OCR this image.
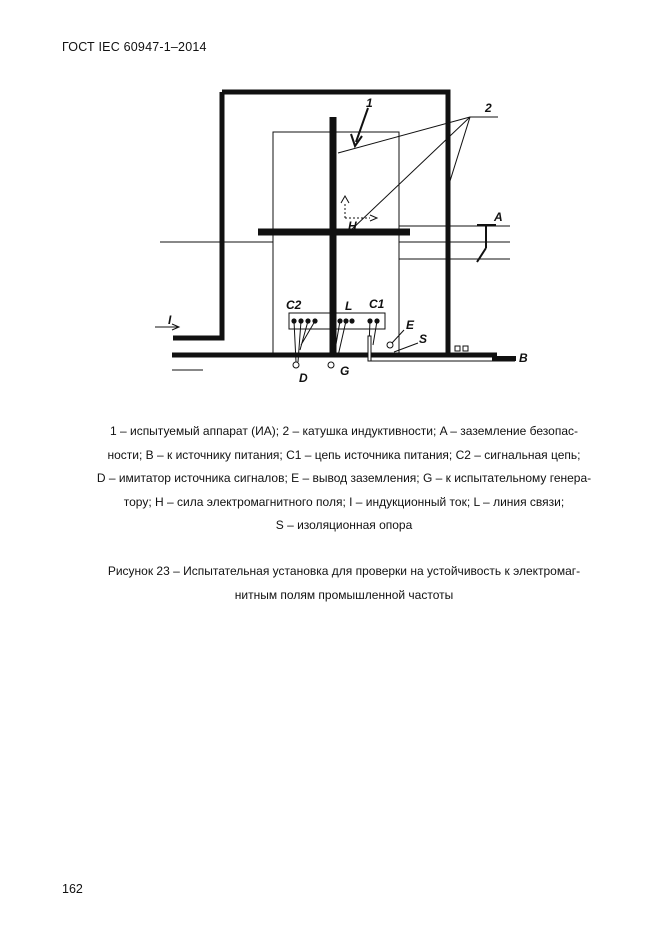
ГОСТ IEC 60947-1–2014
1	2
A
H
C2	L C1
I	E
S
B
D	G
1 – испытуемый аппарат (ИА); 2 – катушка индуктивности; A – заземление безопас-
ности; B – к источнику питания; C1 – цепь источника питания; C2 – сигнальная цепь;
D – имитатор источника сигналов; E – вывод заземления; G – к испытательному генера-
тору; H – сила электромагнитного поля; I – индукционный ток; L – линия связи;
S – изоляционная опора
Рисунок 23 – Испытательная установка для проверки на устойчивость к электромаг-
нитным полям промышленной частоты
162
